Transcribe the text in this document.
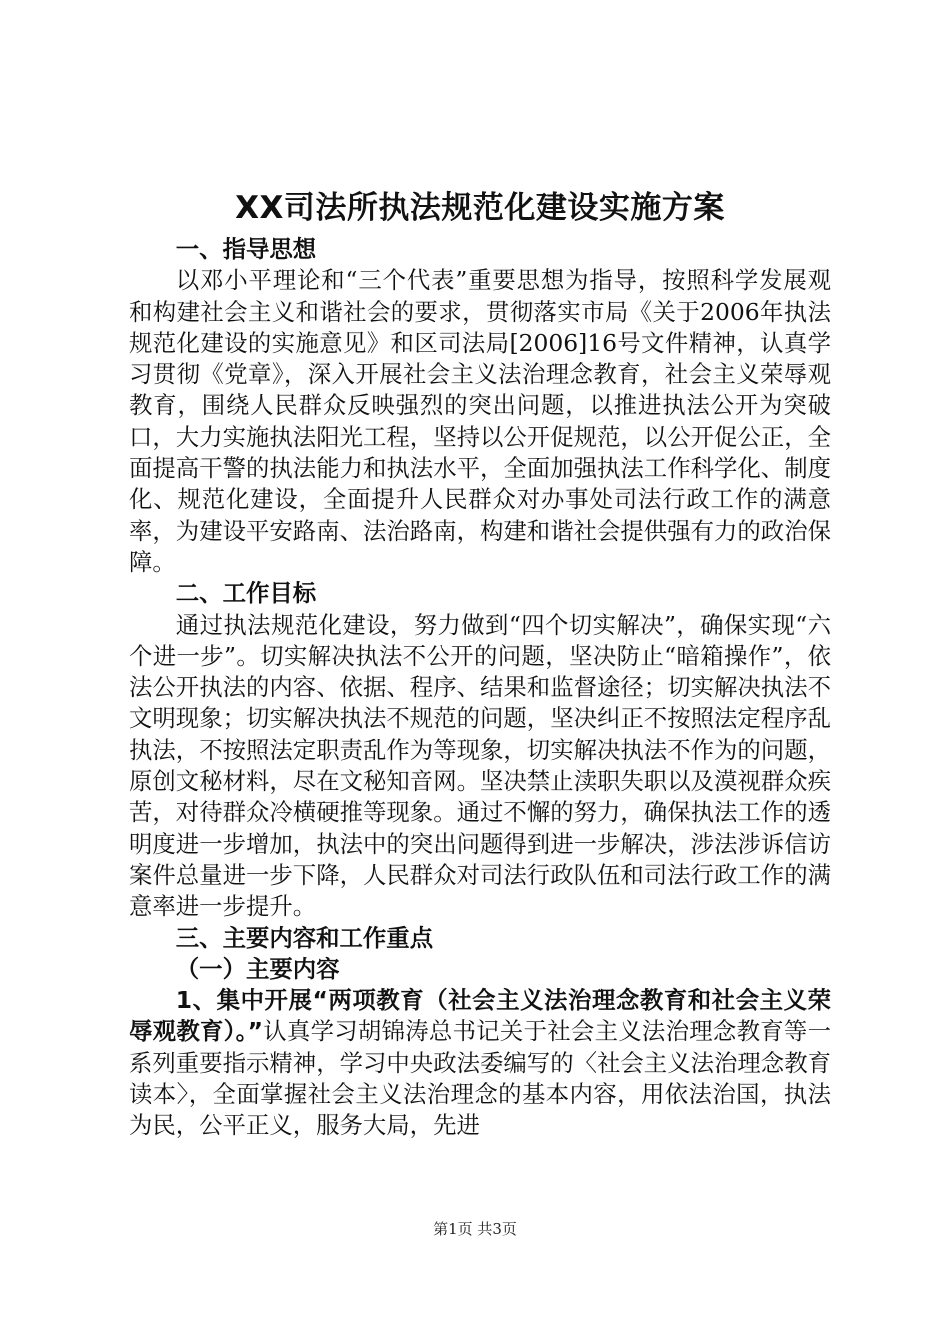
XX司法所执法规范化建设实施方案

一、指导思想

以邓小平理论和“三个代表”重要思想为指导，按照科学发展观和构建社会主义和谐社会的要求，贯彻落实市局《关于2006年执法规范化建设的实施意见》和区司法局[2006]16号文件精神，认真学习贯彻《党章》，深入开展社会主义法治理念教育，社会主义荣辱观教育，围绕人民群众反映强烈的突出问题，以推进执法公开为突破口，大力实施执法阳光工程，坚持以公开促规范，以公开促公正，全面提高干警的执法能力和执法水平，全面加强执法工作科学化、制度化、规范化建设，全面提升人民群众对办事处司法行政工作的满意率，为建设平安路南、法治路南，构建和谐社会提供强有力的政治保障。

二、工作目标

通过执法规范化建设，努力做到“四个切实解决”，确保实现“六个进一步”。切实解决执法不公开的问题，坚决防止“暗箱操作”，依法公开执法的内容、依据、程序、结果和监督途径；切实解决执法不文明现象；切实解决执法不规范的问题，坚决纠正不按照法定程序乱执法，不按照法定职责乱作为等现象，切实解决执法不作为的问题，原创文秘材料，尽在文秘知音网。坚决禁止渎职失职以及漠视群众疾苦，对待群众冷横硬推等现象。通过不懈的努力，确保执法工作的透明度进一步增加，执法中的突出问题得到进一步解决，涉法涉诉信访案件总量进一步下降，人民群众对司法行政队伍和司法行政工作的满意率进一步提升。

三、主要内容和工作重点

（一）主要内容

1、集中开展“两项教育（社会主义法治理念教育和社会主义荣辱观教育）。”认真学习胡锦涛总书记关于社会主义法治理念教育等一系列重要指示精神，学习中央政法委编写的〈社会主义法治理念教育读本〉，全面掌握社会主义法治理念的基本内容，用依法治国，执法为民，公平正义，服务大局，先进

第1页 共3页
